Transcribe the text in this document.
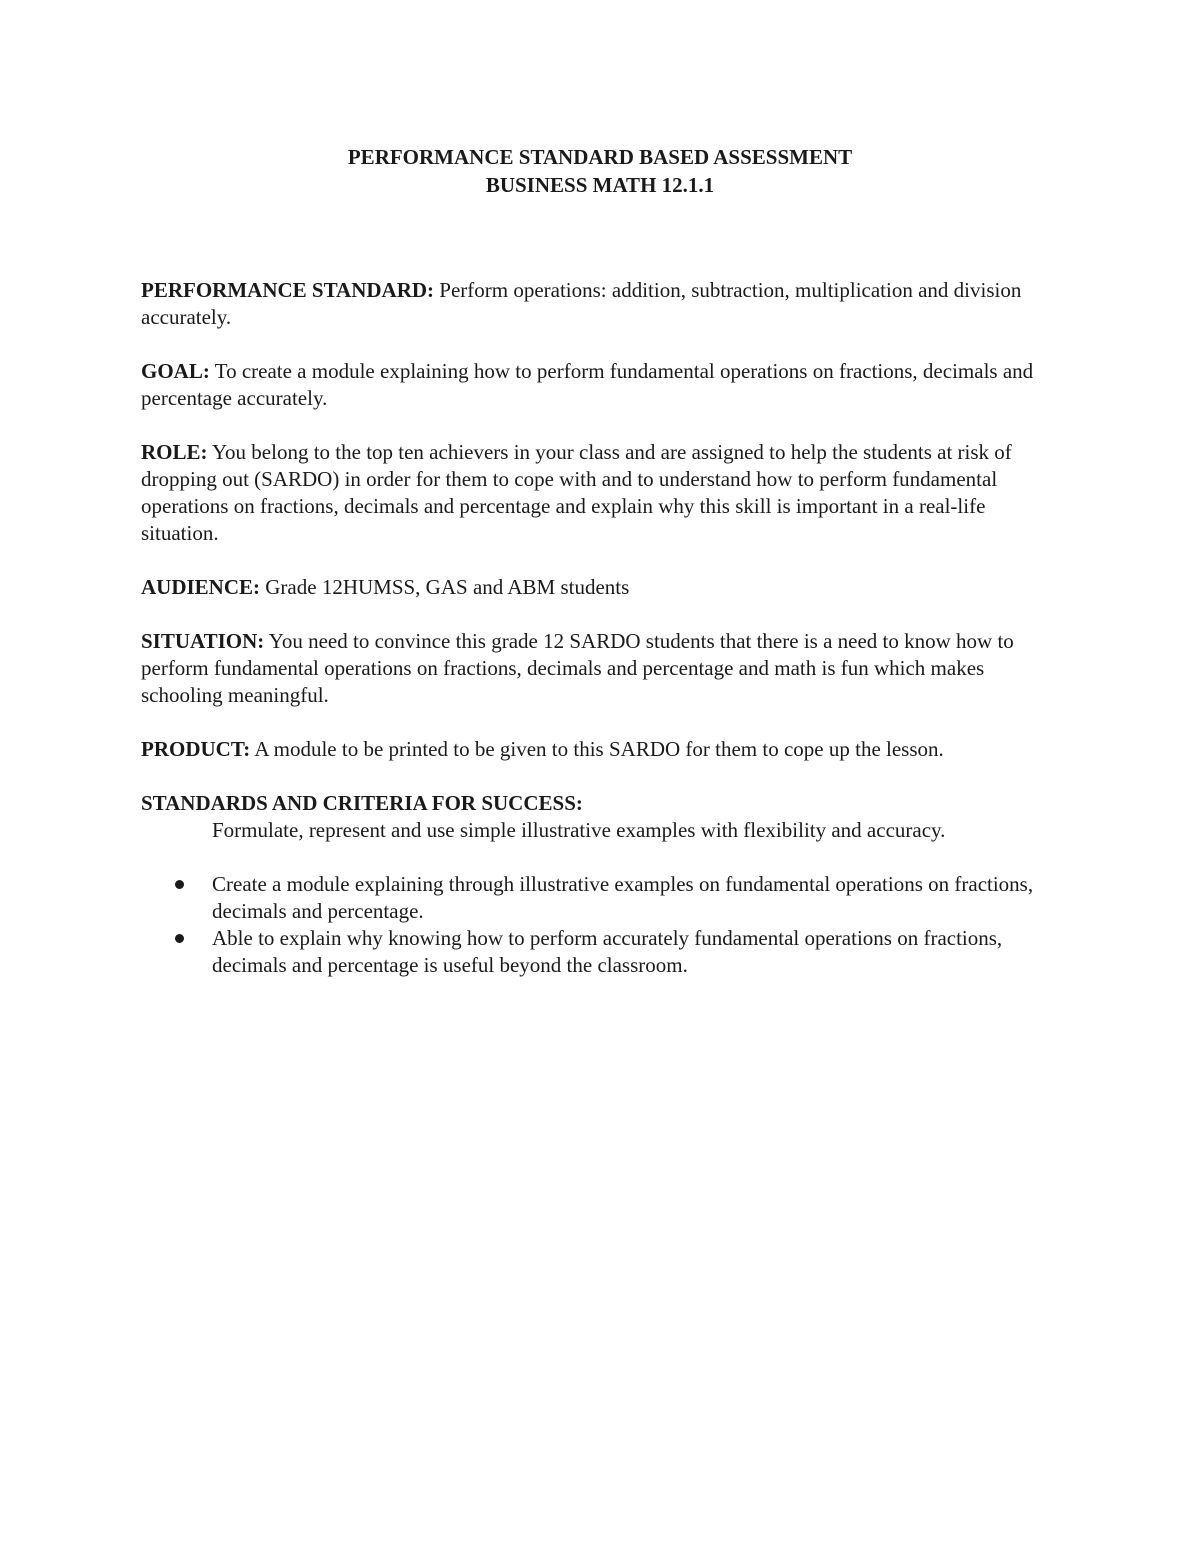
PERFORMANCE STANDARD BASED ASSESSMENT
BUSINESS MATH 12.1.1

PERFORMANCE STANDARD: Perform operations: addition, subtraction, multiplication and division accurately.

GOAL: To create a module explaining how to perform fundamental operations on fractions, decimals and percentage accurately.

ROLE: You belong to the top ten achievers in your class and are assigned to help the students at risk of dropping out (SARDO) in order for them to cope with and to understand how to perform fundamental operations on fractions, decimals and percentage and explain why this skill is important in a real-life situation.

AUDIENCE: Grade 12HUMSS, GAS and ABM students

SITUATION: You need to convince this grade 12 SARDO students that there is a need to know how to perform fundamental operations on fractions, decimals and percentage and math is fun which makes schooling meaningful.

PRODUCT: A module to be printed to be given to this SARDO for them to cope up the lesson.

STANDARDS AND CRITERIA FOR SUCCESS:

Formulate, represent and use simple illustrative examples with flexibility and accuracy.

Create a module explaining through illustrative examples on fundamental operations on fractions, decimals and percentage.
Able to explain why knowing how to perform accurately fundamental operations on fractions, decimals and percentage is useful beyond the classroom.
